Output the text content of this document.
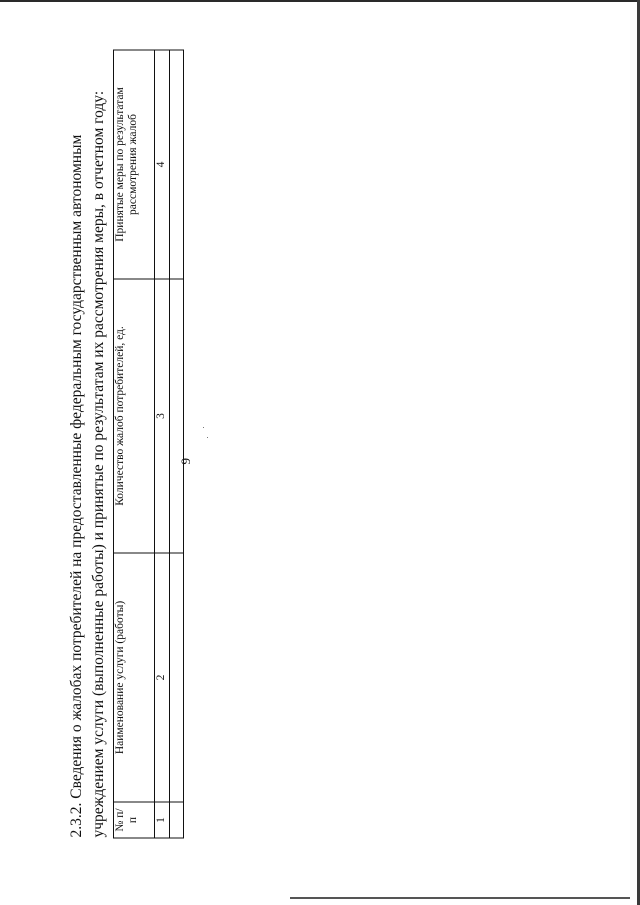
9

2.3.2. Сведения о жалобах потребителей на предоставленные федеральным государственным автономным учреждением услуги (выполненные работы) и принятые по результатам их рассмотрения меры, в отчетном году: № п/п	Наименование услуги (работы)	Количество жалоб потребителей, ед.	Принятые меры по результатам рассмотрения жалоб
1	2	3	4
